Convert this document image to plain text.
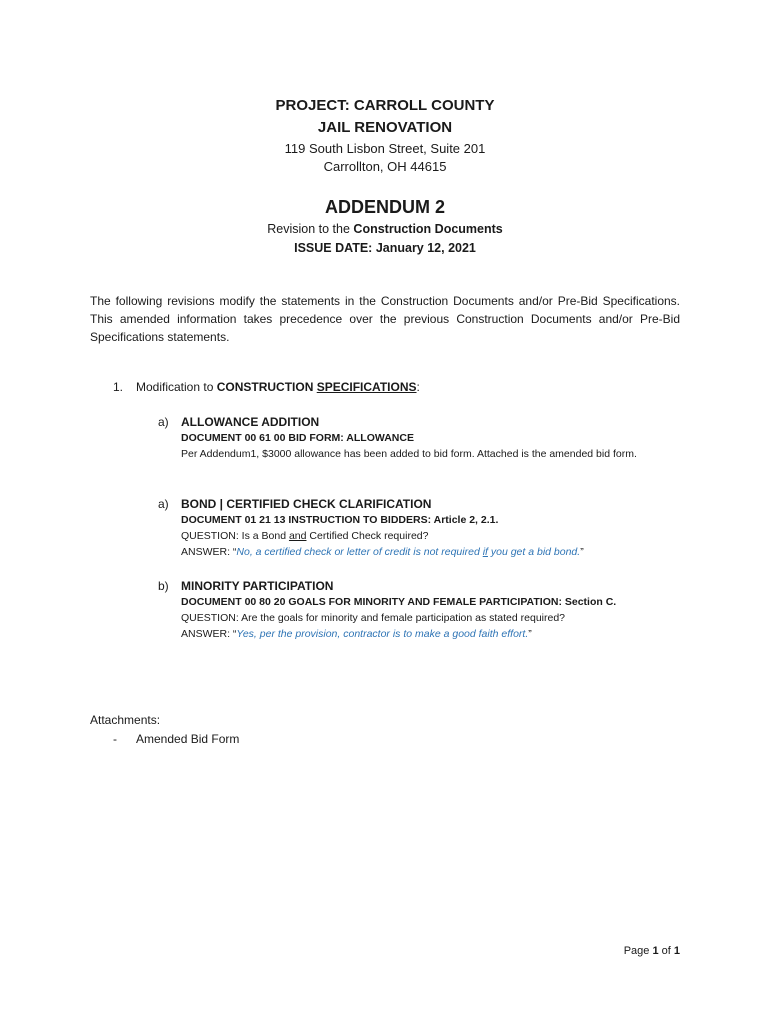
PROJECT: CARROLL COUNTY
JAIL RENOVATION
119 South Lisbon Street, Suite 201
Carrollton, OH 44615
ADDENDUM 2
Revision to the Construction Documents
ISSUE DATE: January 12, 2021
The following revisions modify the statements in the Construction Documents and/or Pre-Bid Specifications. This amended information takes precedence over the previous Construction Documents and/or Pre-Bid Specifications statements.
1. Modification to CONSTRUCTION SPECIFICATIONS:
a) ALLOWANCE ADDITION
DOCUMENT 00 61 00 BID FORM: ALLOWANCE
Per Addendum1, $3000 allowance has been added to bid form. Attached is the amended bid form.
a) BOND | CERTIFIED CHECK CLARIFICATION
DOCUMENT 01 21 13 INSTRUCTION TO BIDDERS: Article 2, 2.1.
QUESTION: Is a Bond and Certified Check required?
ANSWER: “No, a certified check or letter of credit is not required if you get a bid bond.”
b) MINORITY PARTICIPATION
DOCUMENT 00 80 20 GOALS FOR MINORITY AND FEMALE PARTICIPATION: Section C.
QUESTION: Are the goals for minority and female participation as stated required?
ANSWER: “Yes, per the provision, contractor is to make a good faith effort.”
Attachments:
- Amended Bid Form
Page 1 of 1
